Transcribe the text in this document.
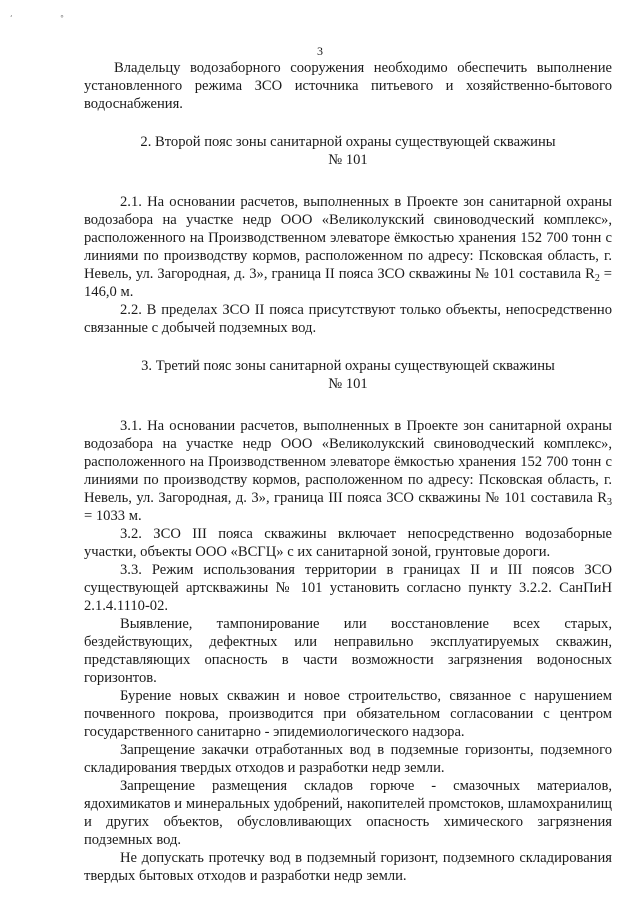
‘	°
3

Владельцу водозаборного сооружения необходимо обеспечить выполнение установленного режима ЗСО источника питьевого и хозяйственно-бытового водоснабжения.

2. Второй пояс зоны санитарной охраны существующей скважины
№ 101

2.1. На основании расчетов, выполненных в Проекте зон санитарной охраны водозабора на участке недр ООО «Великолукский свиноводческий комплекс», расположенного на Производственном элеваторе ёмкостью хранения 152 700 тонн с линиями по производству кормов, расположенном по адресу: Псковская область, г. Невель, ул. Загородная, д. 3», граница II пояса ЗСО скважины № 101 составила $R_2 = 146,0$ м.

2.2. В пределах ЗСО II пояса присутствуют только объекты, непосредственно связанные с добычей подземных вод.

3. Третий пояс зоны санитарной охраны существующей скважины
№ 101

3.1. На основании расчетов, выполненных в Проекте зон санитарной охраны водозабора на участке недр ООО «Великолукский свиноводческий комплекс», расположенного на Производственном элеваторе ёмкостью хранения 152 700 тонн с линиями по производству кормов, расположенном по адресу: Псковская область, г. Невель, ул. Загородная, д. 3», граница III пояса ЗСО скважины № 101 составила $R_3 = 1033$ м.

3.2. ЗСО III пояса скважины включает непосредственно водозаборные участки, объекты ООО «ВСГЦ» с их санитарной зоной, грунтовые дороги.

3.3. Режим использования территории в границах II и III поясов ЗСО существующей артскважины № 101 установить согласно пункту 3.2.2. СанПиН 2.1.4.1110-02.

Выявление, тампонирование или восстановление всех старых, бездействующих, дефектных или неправильно эксплуатируемых скважин, представляющих опасность в части возможности загрязнения водоносных горизонтов.

Бурение новых скважин и новое строительство, связанное с нарушением почвенного покрова, производится при обязательном согласовании с центром государственного санитарно - эпидемиологического надзора.

Запрещение закачки отработанных вод в подземные горизонты, подземного складирования твердых отходов и разработки недр земли.

Запрещение размещения складов горюче - смазочных материалов, ядохимикатов и минеральных удобрений, накопителей промстоков, шламохранилищ и других объектов, обусловливающих опасность химического загрязнения подземных вод.

Не допускать протечку вод в подземный горизонт, подземного складирования твердых бытовых отходов и разработки недр земли.
